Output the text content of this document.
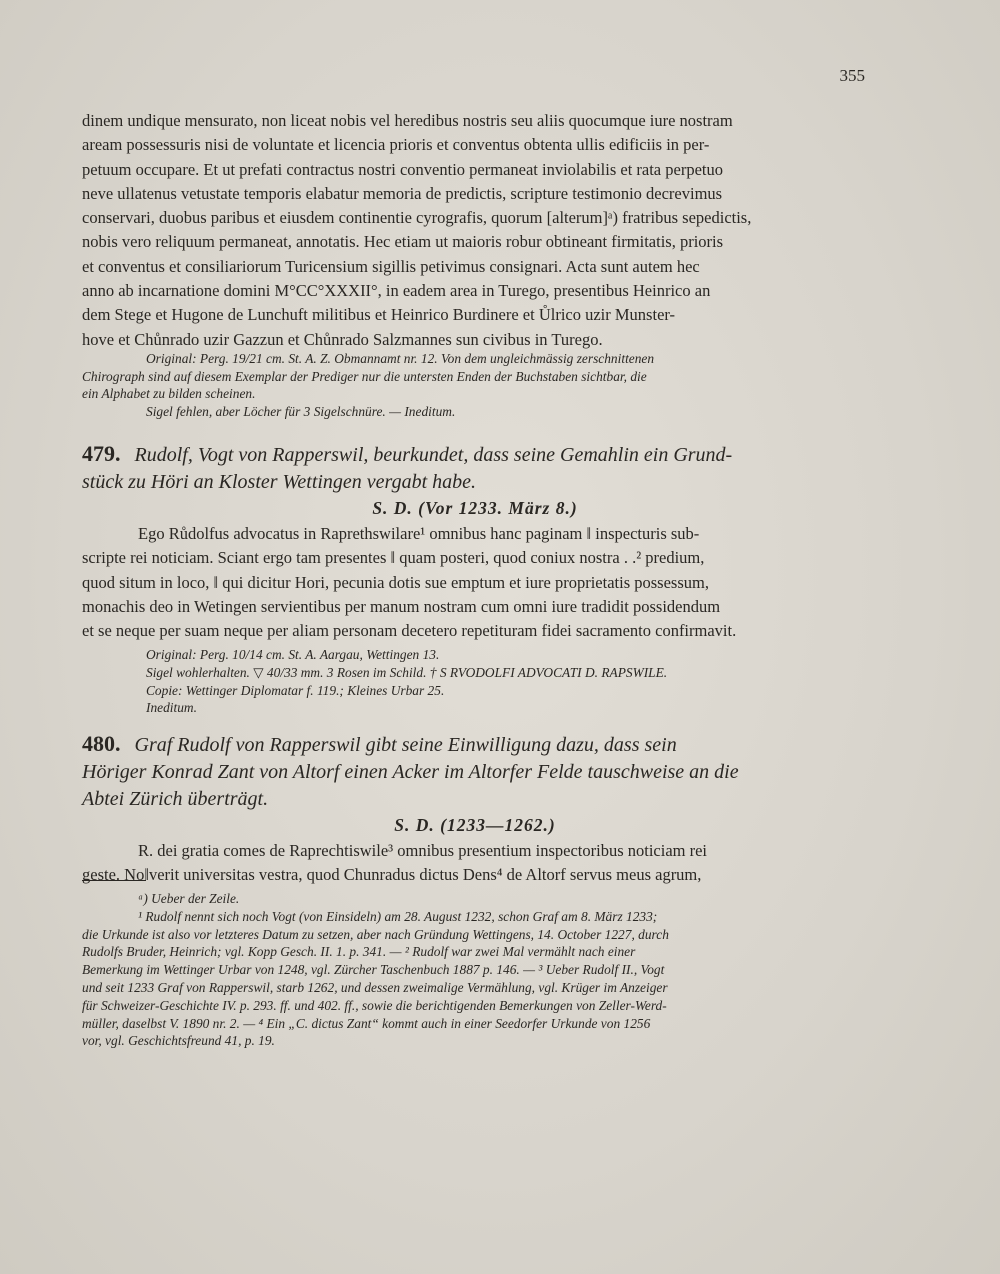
355

dinem undique mensurato, non liceat nobis vel heredibus nostris seu aliis quocumque iure nostram

aream possessuris nisi de voluntate et licencia prioris et conventus obtenta ullis edificiis in per-

petuum occupare. Et ut prefati contractus nostri conventio permaneat inviolabilis et rata perpetuo

neve ullatenus vetustate temporis elabatur memoria de predictis, scripture testimonio decrevimus

conservari, duobus paribus et eiusdem continentie cyrografis, quorum [alterum]ᵃ) fratribus sepedictis,

nobis vero reliquum permaneat, annotatis. Hec etiam ut maioris robur obtineant firmitatis, prioris

et conventus et consiliariorum Turicensium sigillis petivimus consignari. Acta sunt autem hec

anno ab incarnatione domini M°CC°XXXII°, in eadem area in Turego, presentibus Heinrico an

dem Stege et Hugone de Lunchuft militibus et Heinrico Burdinere et Ůlrico uzir Munster-

hove et Chůnrado uzir Gazzun et Chůnrado Salzmannes sun civibus in Turego.

Original: Perg. 19/21 cm. St. A. Z. Obmannamt nr. 12. Von dem ungleichmässig zerschnittenen

Chirograph sind auf diesem Exemplar der Prediger nur die untersten Enden der Buchstaben sichtbar, die

ein Alphabet zu bilden scheinen.

Sigel fehlen, aber Löcher für 3 Sigelschnüre. — Ineditum.

479. Rudolf, Vogt von Rapperswil, beurkundet, dass seine Gemahlin ein Grund-

stück zu Höri an Kloster Wettingen vergabt habe.

S. D. (Vor 1233. März 8.)

Ego Růdolfus advocatus in Raprethswilare¹ omnibus hanc paginam ‖ inspecturis sub-

scripte rei noticiam. Sciant ergo tam presentes ‖ quam posteri, quod coniux nostra . .² predium,

quod situm in loco, ‖ qui dicitur Hori, pecunia dotis sue emptum et iure proprietatis possessum,

monachis deo in Wetingen servientibus per manum nostram cum omni iure tradidit possidendum

et se neque per suam neque per aliam personam decetero repetituram fidei sacramento confirmavit.

Original: Perg. 10/14 cm. St. A. Aargau, Wettingen 13.

Sigel wohlerhalten. ▽ 40/33 mm. 3 Rosen im Schild. † S RVODOLFI ADVOCATI D. RAPSWILE.

Copie: Wettinger Diplomatar f. 119.; Kleines Urbar 25.

Ineditum.

480. Graf Rudolf von Rapperswil gibt seine Einwilligung dazu, dass sein

Höriger Konrad Zant von Altorf einen Acker im Altorfer Felde tauschweise an die

Abtei Zürich überträgt.

S. D. (1233—1262.)

R. dei gratia comes de Raprechtiswile³ omnibus presentium inspectoribus noticiam rei

geste. No‖verit universitas vestra, quod Chunradus dictus Dens⁴ de Altorf servus meus agrum,

ᵃ) Ueber der Zeile.

¹ Rudolf nennt sich noch Vogt (von Einsideln) am 28. August 1232, schon Graf am 8. März 1233;

die Urkunde ist also vor letzteres Datum zu setzen, aber nach Gründung Wettingens, 14. October 1227, durch

Rudolfs Bruder, Heinrich; vgl. Kopp Gesch. II. 1. p. 341. — ² Rudolf war zwei Mal vermählt nach einer

Bemerkung im Wettinger Urbar von 1248, vgl. Zürcher Taschenbuch 1887 p. 146. — ³ Ueber Rudolf II., Vogt

und seit 1233 Graf von Rapperswil, starb 1262, und dessen zweimalige Vermählung, vgl. Krüger im Anzeiger

für Schweizer-Geschichte IV. p. 293. ff. und 402. ff., sowie die berichtigenden Bemerkungen von Zeller-Werd-

müller, daselbst V. 1890 nr. 2. — ⁴ Ein „C. dictus Zant“ kommt auch in einer Seedorfer Urkunde von 1256

vor, vgl. Geschichtsfreund 41, p. 19.
